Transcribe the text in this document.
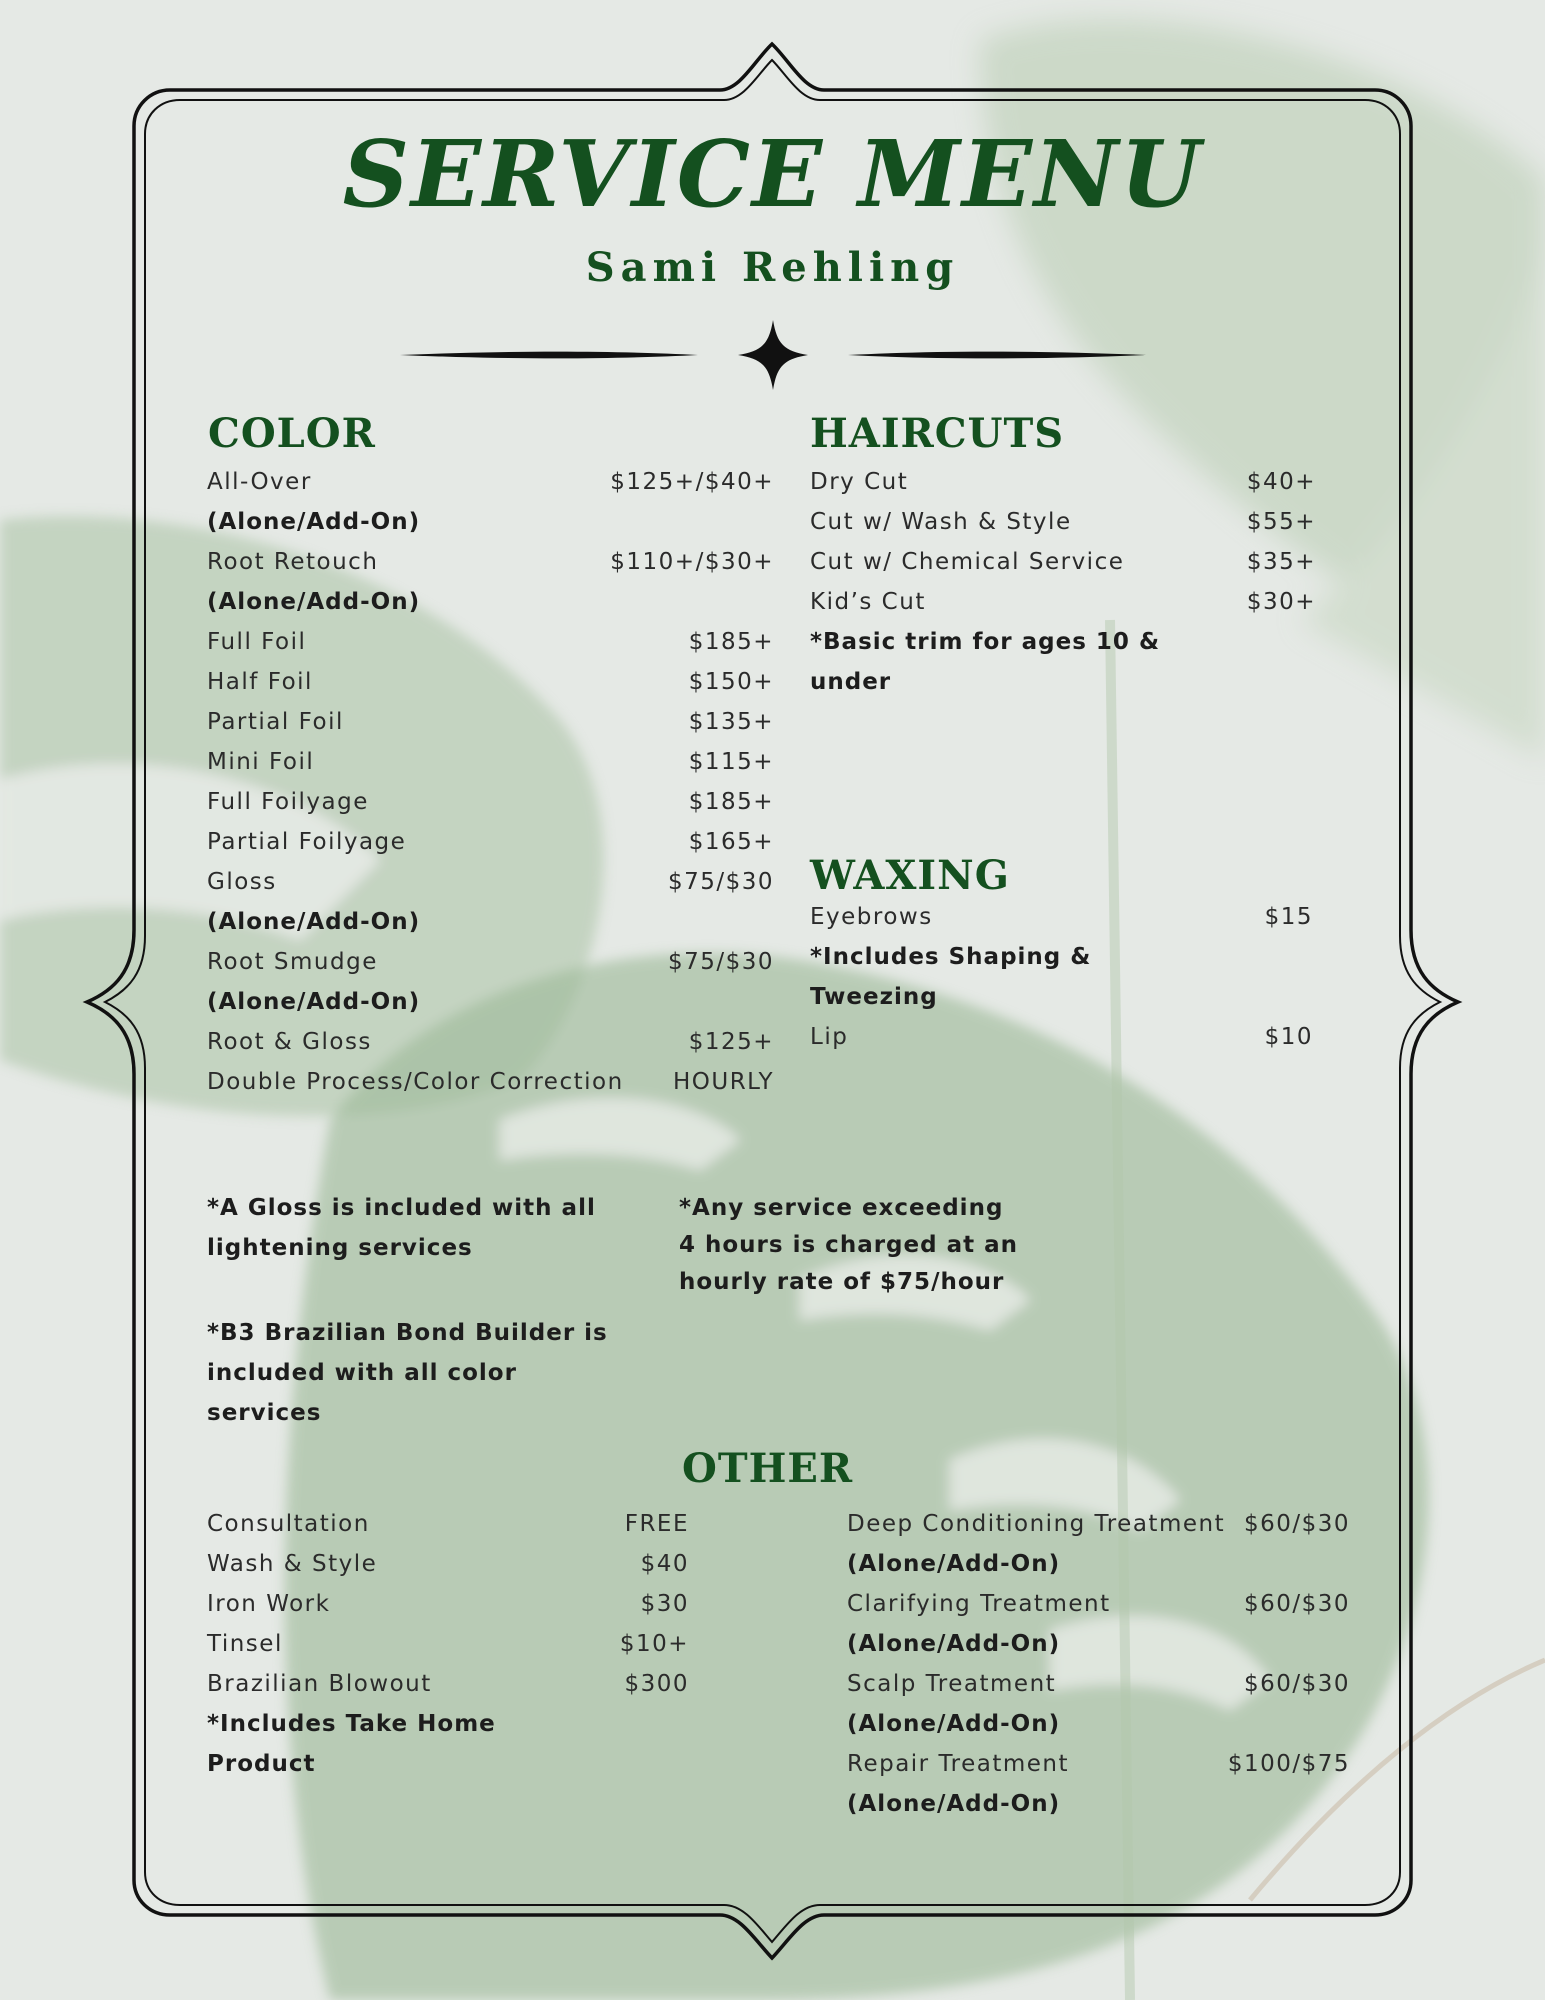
SERVICE MENU
Sami Rehling
COLOR
All-Over	$125+/$40+
(Alone/Add-On)
Root Retouch	$110+/$30+
(Alone/Add-On)
Full Foil	$185+
Half Foil	$150+
Partial Foil	$135+
Mini Foil	$115+
Full Foilyage	$185+
Partial Foilyage	$165+
Gloss	$75/$30
(Alone/Add-On)
Root Smudge	$75/$30
(Alone/Add-On)
Root & Gloss	$125+
Double Process/Color Correction HOURLY
HAIRCUTS
Dry Cut	$40+
Cut w/ Wash & Style	$55+
Cut w/ Chemical Service	$35+
Kid’s Cut	$30+
*Basic trim for ages 10 &
under
WAXING
Eyebrows	$15
*Includes Shaping &
Tweezing
Lip	$10
*A Gloss is included with all
lightening services
*B3 Brazilian Bond Builder is
included with all color
services
*Any service exceeding
4 hours is charged at an
hourly rate of $75/hour
OTHER
Consultation	FREE
Wash & Style	$40
Iron Work	$30
Tinsel	$10+
Brazilian Blowout	$300
*Includes Take Home
Product
Deep Conditioning Treatment $60/$30
(Alone/Add-On)
Clarifying Treatment	$60/$30
(Alone/Add-On)
Scalp Treatment	$60/$30
(Alone/Add-On)
Repair Treatment	$100/$75
(Alone/Add-On)
